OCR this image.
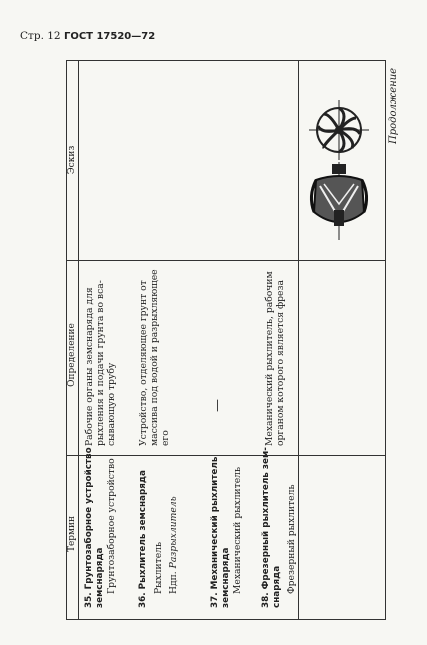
Стр. 12 ГОСТ 17520—72
Эскиз
Определение
Термин 35. Грунтозаборное устройство земснаряда Грунтозаборное устройство
Рабочие органы земснаряда для рыхления и подачи грунта во вса- сывающую трубу
36. Рыхлитель земснаряда Рыхлитель Ндп. Разрыхлитель
Устройство, отделяющее грунт от массива под водой и разрыхляющее его
37. Механический рыхлитель земснаряда Механический рыхлитель
—
38. Фрезерный рыхлитель зем- снаряда Фрезерный рыхлитель
Механический рыхлитель, рабочим органом которого является фреза
Продолжение
